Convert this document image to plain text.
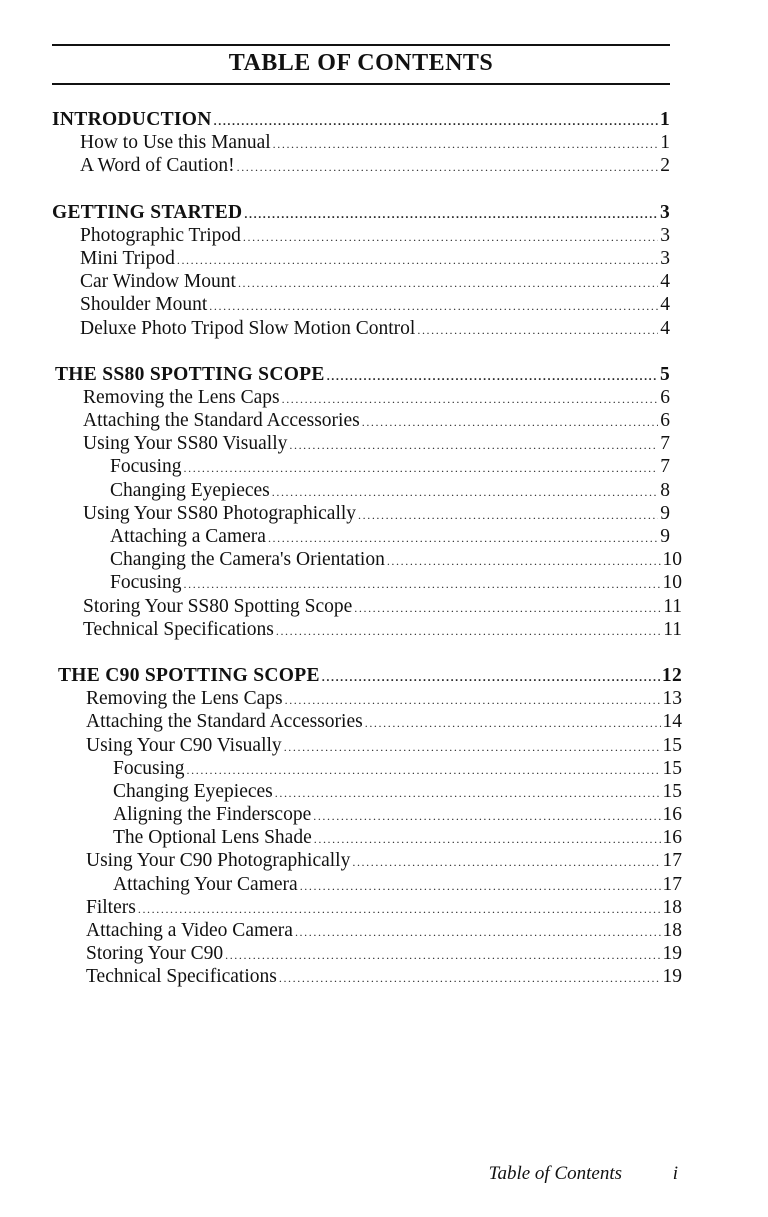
TABLE OF CONTENTS
INTRODUCTION .....	1
How to Use this Manual .....	1
A Word of Caution! .....	2
GETTING STARTED .....	3
Photographic Tripod .....	3
Mini Tripod .....	3
Car Window Mount .....	4
Shoulder Mount .....	4
Deluxe Photo Tripod Slow Motion Control .....	4
THE SS80 SPOTTING SCOPE .....	5
Removing the Lens Caps .....	6
Attaching the Standard Accessories .....	6
Using Your SS80 Visually .....	7
Focusing .....	7
Changing Eyepieces .....	8
Using Your SS80 Photographically .....	9
Attaching a Camera .....	9
Changing the Camera's Orientation .....	10
Focusing .....	10
Storing Your SS80 Spotting Scope .....	11
Technical Specifications .....	11
THE C90 SPOTTING SCOPE .....	12
Removing the Lens Caps .....	13
Attaching the Standard Accessories .....	14
Using Your C90 Visually .....	15
Focusing .....	15
Changing Eyepieces .....	15
Aligning the Finderscope .....	16
The Optional Lens Shade .....	16
Using Your C90 Photographically .....	17
Attaching Your Camera .....	17
Filters .....	18
Attaching a Video Camera .....	18
Storing Your C90 .....	19
Technical Specifications .....	19
Table of Contents	i
